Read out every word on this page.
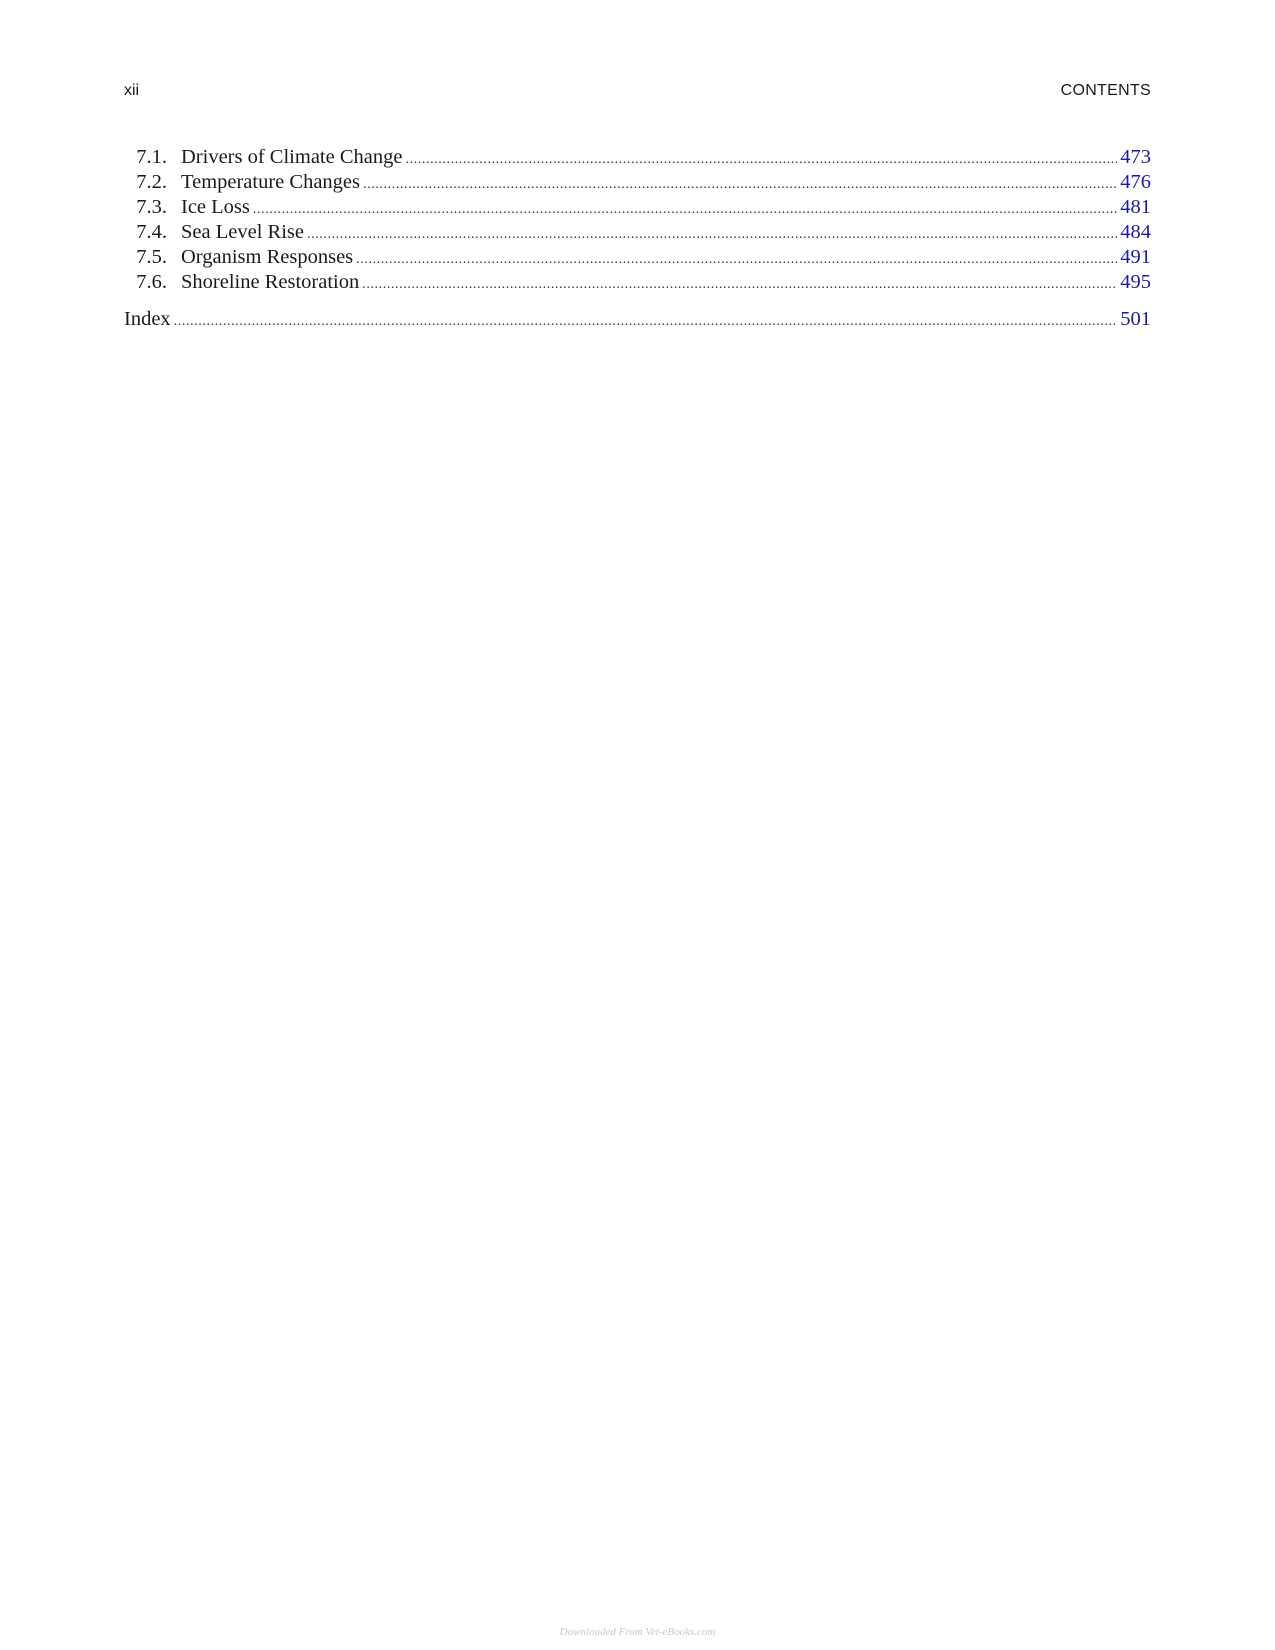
xii	CONTENTS
7.1. Drivers of Climate Change .....	473
7.2. Temperature Changes .....	476
7.3. Ice Loss .....	481
7.4. Sea Level Rise .....	484
7.5. Organism Responses .....	491
7.6. Shoreline Restoration .....	495
Index .....	501
Downloaded From Vet-eBooks.com
